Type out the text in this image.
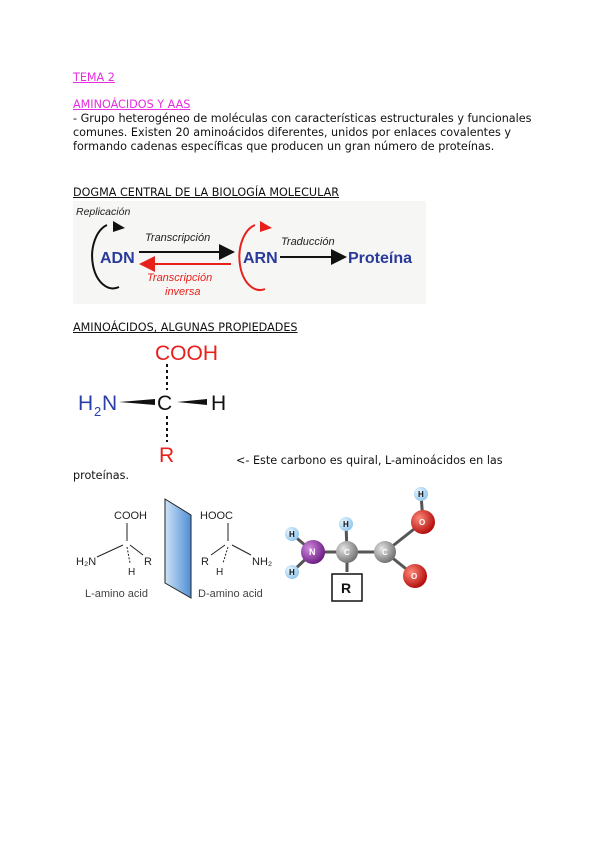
TEMA 2
AMINOÁCIDOS Y AAS
- Grupo heterogéneo de moléculas con características estructurales y funcionales comunes. Existen 20 aminoácidos diferentes, unidos por enlaces covalentes y formando cadenas específicas que producen un gran número de proteínas.
DOGMA CENTRAL DE LA BIOLOGÍA MOLECULAR
Replicación
ADN
Transcripción
Transcripción
inversa
ARN
Traducción
Proteína
AMINOÁCIDOS, ALGUNAS PROPIEDADES
COOH
H 2 N C H
R	<- Este carbono es quiral, L-aminoácidos en las
proteínas.
COOH
H₂N	R
H
L-amino acid
HOOC
R	NH₂
H
D-amino acid
H
H
H
H
N	C	C
O
O
R
